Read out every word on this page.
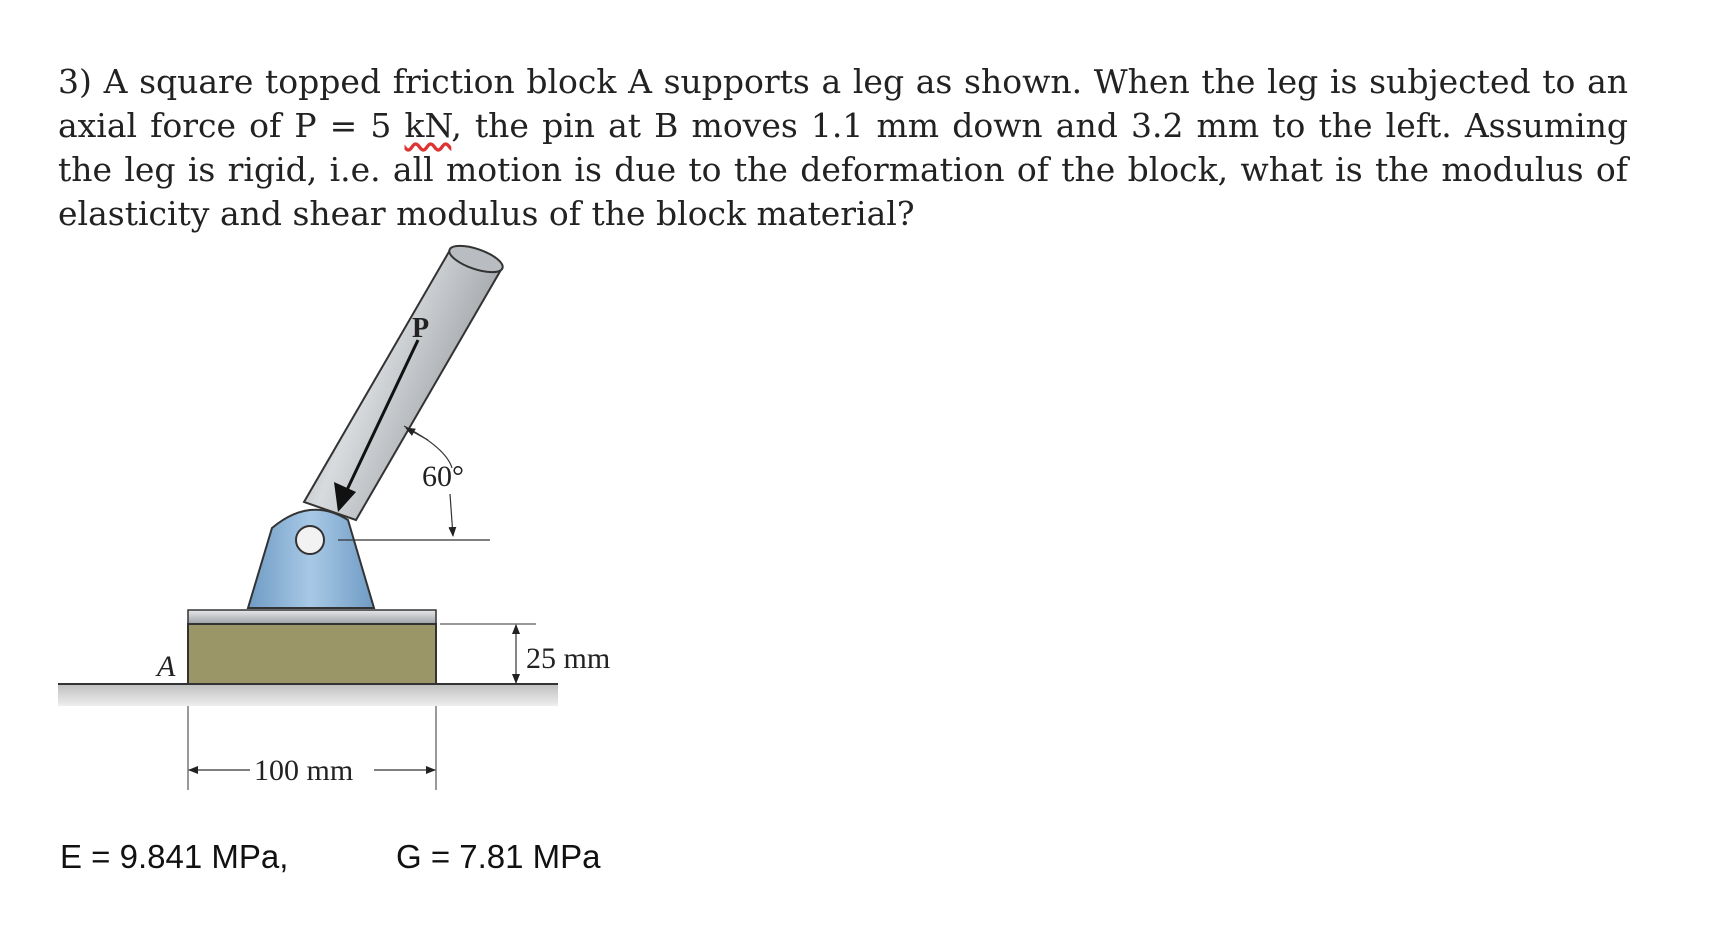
3) A square topped friction block A supports a leg as shown. When the leg is subjected to an axial force of P = 5 kN, the pin at B moves 1.1 mm down and 3.2 mm to the left. Assuming the leg is rigid, i.e. all motion is due to the deformation of the block, what is the modulus of elasticity and shear modulus of the block material?
P
60°
25 mm
A
100 mm
E = 9.841 MPa,	G = 7.81 MPa
